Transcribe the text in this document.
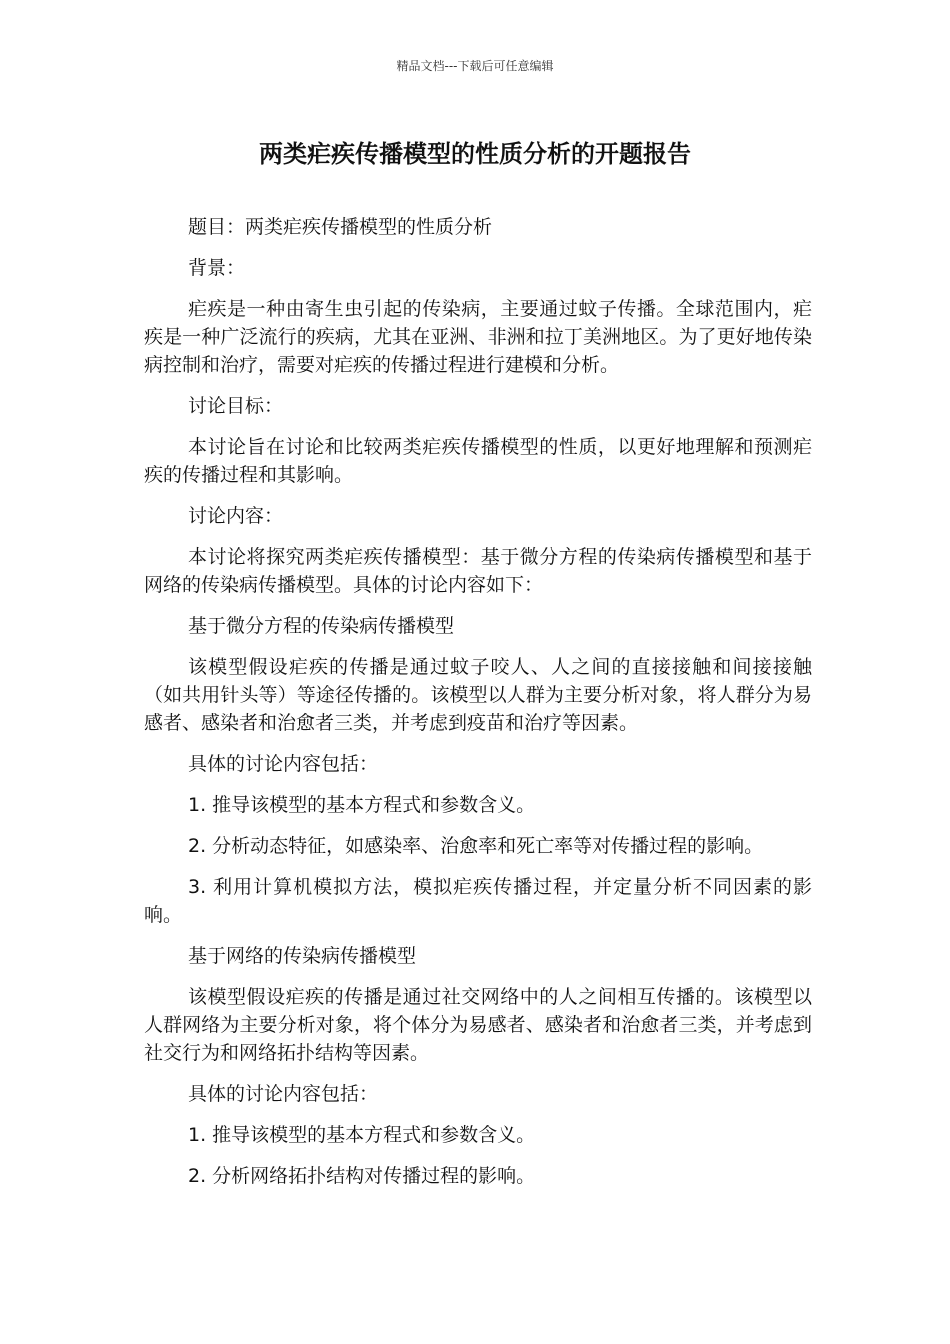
精品文档---下载后可任意编辑
两类疟疾传播模型的性质分析的开题报告

题目：两类疟疾传播模型的性质分析

背景：

疟疾是一种由寄生虫引起的传染病，主要通过蚊子传播。全球范围内，疟疾是一种广泛流行的疾病，尤其在亚洲、非洲和拉丁美洲地区。为了更好地传染病控制和治疗，需要对疟疾的传播过程进行建模和分析。

讨论目标：

本讨论旨在讨论和比较两类疟疾传播模型的性质，以更好地理解和预测疟疾的传播过程和其影响。

讨论内容：

本讨论将探究两类疟疾传播模型：基于微分方程的传染病传播模型和基于网络的传染病传播模型。具体的讨论内容如下：

基于微分方程的传染病传播模型

该模型假设疟疾的传播是通过蚊子咬人、人之间的直接接触和间接接触（如共用针头等）等途径传播的。该模型以人群为主要分析对象，将人群分为易感者、感染者和治愈者三类，并考虑到疫苗和治疗等因素。

具体的讨论内容包括：

1. 推导该模型的基本方程式和参数含义。

2. 分析动态特征，如感染率、治愈率和死亡率等对传播过程的影响。

3. 利用计算机模拟方法，模拟疟疾传播过程，并定量分析不同因素的影响。

基于网络的传染病传播模型

该模型假设疟疾的传播是通过社交网络中的人之间相互传播的。该模型以人群网络为主要分析对象，将个体分为易感者、感染者和治愈者三类，并考虑到社交行为和网络拓扑结构等因素。

具体的讨论内容包括：

1. 推导该模型的基本方程式和参数含义。

2. 分析网络拓扑结构对传播过程的影响。
